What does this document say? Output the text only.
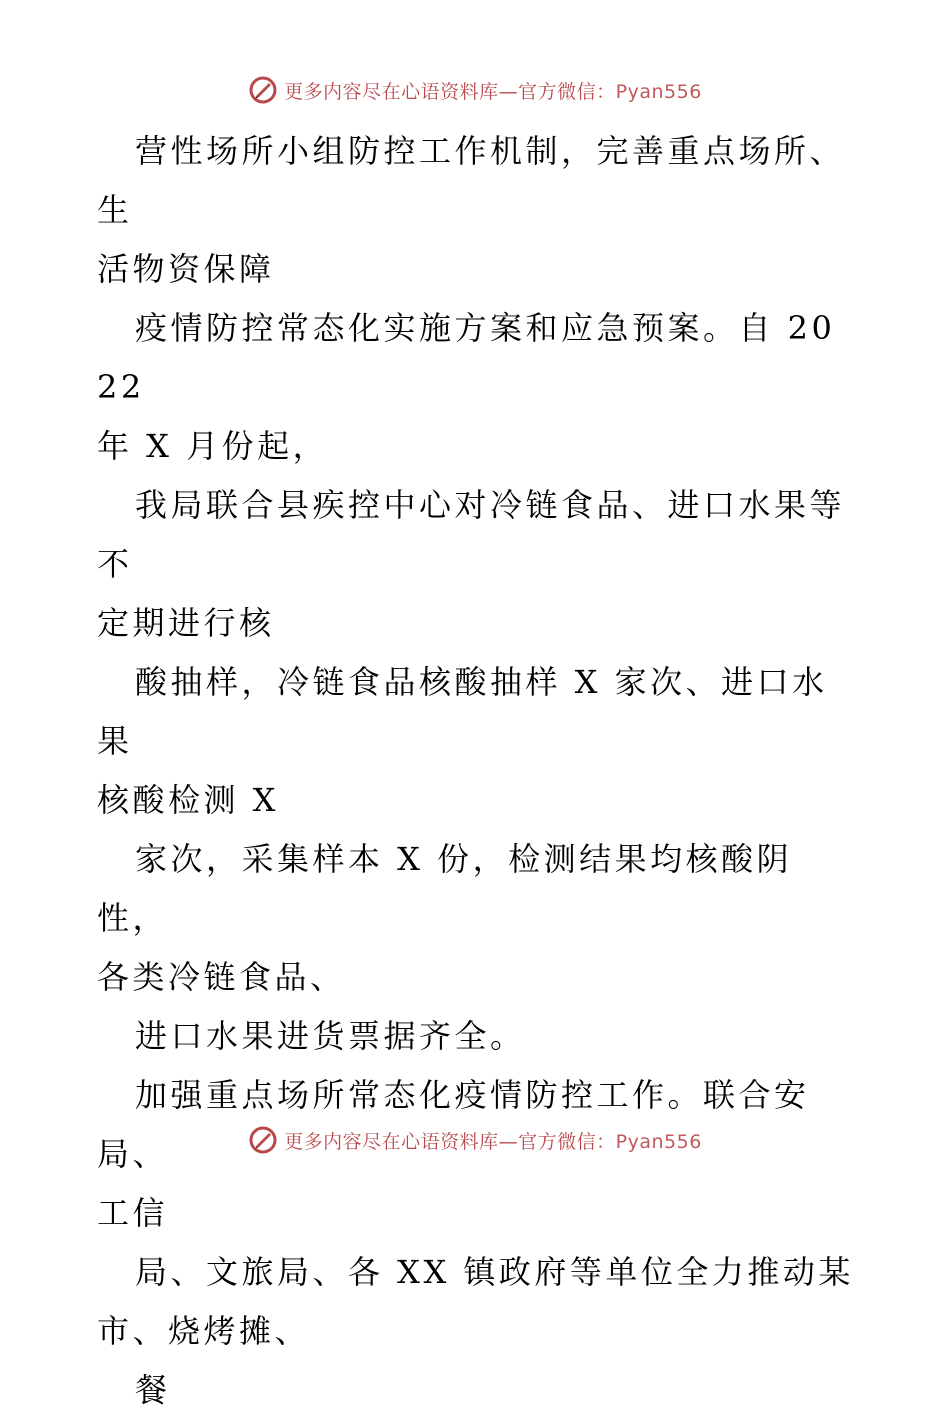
更多内容尽在心语资料库—官方微信：Pyan556

营性场所小组防控工作机制，完善重点场所、生
活物资保障

疫情防控常态化实施方案和应急预案。自 2022
年 X 月份起，

我局联合县疾控中心对冷链食品、进口水果等不
定期进行核

酸抽样，冷链食品核酸抽样 X 家次、进口水果
核酸检测 X

家次，采集样本 X 份，检测结果均核酸阴性，
各类冷链食品、

进口水果进货票据齐全。

加强重点场所常态化疫情防控工作。联合安局、
工信

局、文旅局、各 XX 镇政府等单位全力推动某
市、烧烤摊、

餐

更多内容尽在心语资料库—官方微信：Pyan556
